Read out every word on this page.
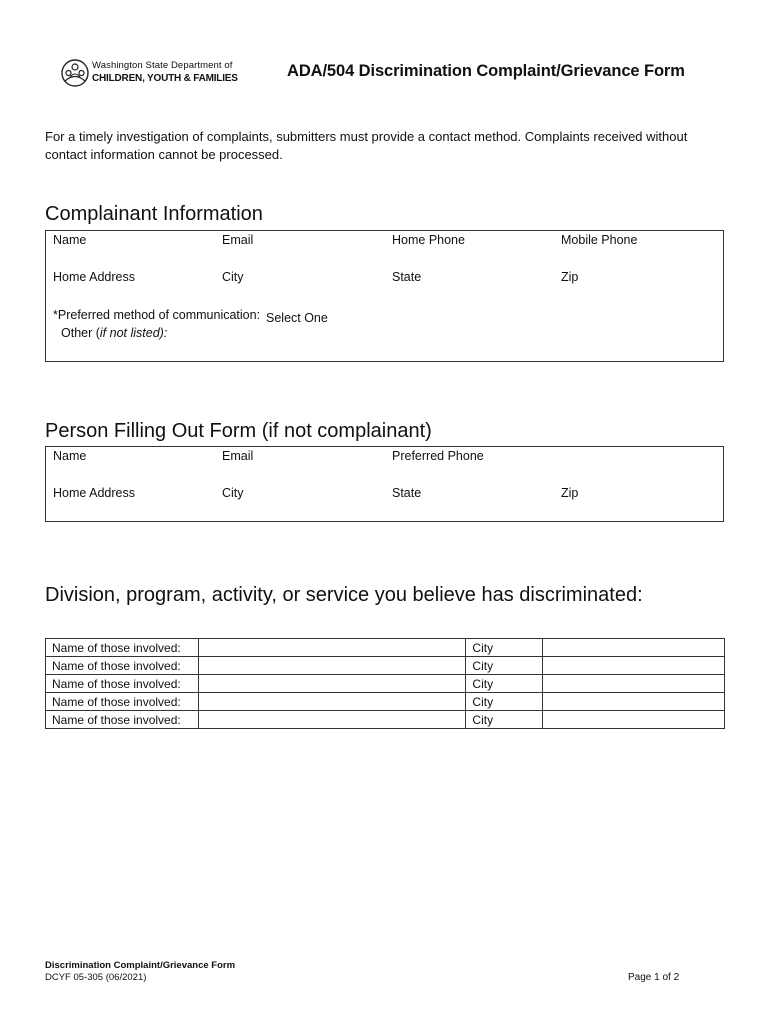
Washington State Department of
CHILDREN, YOUTH & FAMILIES	ADA/504 Discrimination Complaint/Grievance Form
For a timely investigation of complaints, submitters must provide a contact method. Complaints received without contact information cannot be processed.
Complainant Information
Name	Email	Home Phone	Mobile Phone
Home Address	City	State	Zip
*Preferred method of communication: Select One
Other (if not listed):
Person Filling Out Form (if not complainant)
Name	Email	Preferred Phone
Home Address	City	State	Zip
Division, program, activity, or service you believe has discriminated:
Name of those involved:		City	
Name of those involved:		City	
Name of those involved:		City	
Name of those involved:		City	
Name of those involved:		City	
Discrimination Complaint/Grievance Form
DCYF 05-305 (06/2021)	Page 1 of 2
